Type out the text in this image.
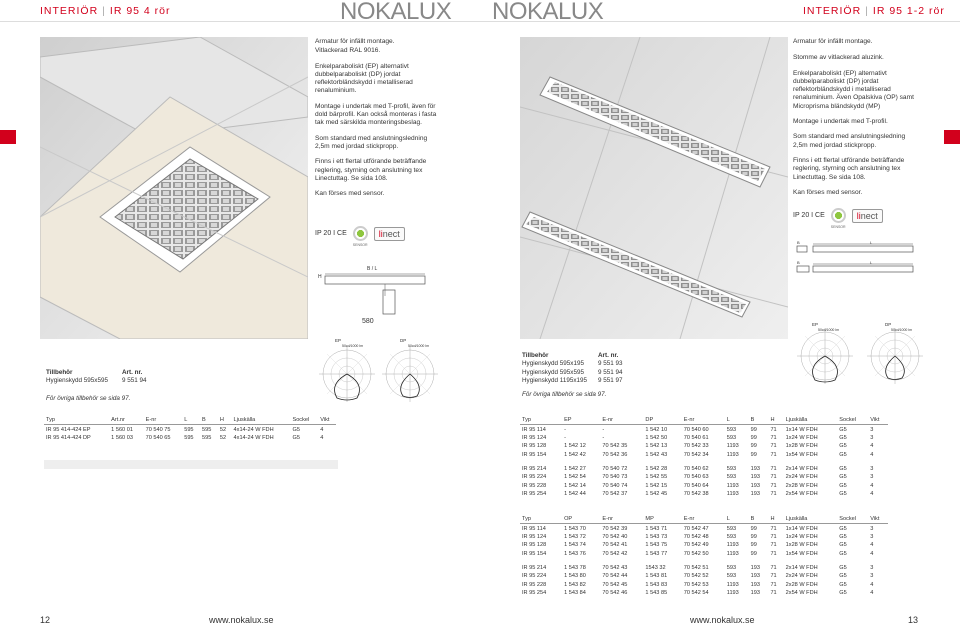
INTERIÖR | IR 95 4 rör	NOKALUX NOKALUX	INTERIÖR | IR 95 1-2 rör

Armatur för infällt montage.

Vitlackerad RAL 9016.

Enkelparaboliskt (EP) alternativt dubbelparaboliskt (DP) jordat reflektorbländskydd i metalliserad renaluminium.

Montage i undertak med T-profil, även för dold bärprofil. Kan också monteras i fasta tak med särskilda monteringsbeslag.

Som standard med anslutningsledning 2,5m med jordad stickpropp.

Finns i ett flertal utförande beträffande reglering, styrning och anslutning tex Linectuttag. Se sida 108.

Kan förses med sensor.

IP 20 I CE
SENSOR
linect
B / L
H
580
EP
50cd/1000 lm
DP
50cd/1000 lm
Tillbehör	Art. nr.
Hygienskydd 595x595	9 551 94
För övriga tillbehör se sida 97.
Typ	Art.nr	E-nr	L	B	H	Ljuskälla	Sockel	Vikt
IR 95 414-424 EP	1 560 01	70 540 75	595	595	52	4x14-24 W FDH	G5	4
IR 95 414-424 DP	1 560 03	70 540 65	595	595	52	4x14-24 W FDH	G5	4

Armatur för infällt montage.

Stomme av vitlackerad aluzink.

Enkelparaboliskt (EP) alternativt dubbelparaboliskt (DP) jordat reflektorbländskydd i metalliserad renaluminium. Även Opalskiva (OP) samt Microprisma bländskydd (MP)

Montage i undertak med T-profil.

Som standard med anslutningsledning 2,5m med jordad stickpropp.

Finns i ett flertal utförande beträffande reglering, styrning och anslutning tex Linectuttag. Se sida 108.

Kan förses med sensor.

IP 20 I CE
SENSOR
linect
B	L
B	L
EP
50cd/1000 lm
DP
50cd/1000 lm
Tillbehör	Art. nr.
Hygienskydd 595x195	9 551 93
Hygienskydd 595x595	9 551 94
Hygienskydd 1195x195	9 551 97
För övriga tillbehör se sida 97.
Typ	EP	E-nr	DP	E-nr	L	B	H	Ljuskälla	Sockel	Vikt
IR 95 114	-	-	1 542 10	70 540 60	593	99	71	1x14 W FDH	G5	3
IR 95 124	-	-	1 542 50	70 540 61	593	99	71	1x24 W FDH	G5	3
IR 95 128	1 542 12	70 542 35	1 542 13	70 542 33	1193	99	71	1x28 W FDH	G5	4
IR 95 154	1 542 42	70 542 36	1 542 43	70 542 34	1193	99	71	1x54 W FDH	G5	4

IR 95 214	1 542 27	70 540 72	1 542 28	70 540 62	593	193	71	2x14 W FDH	G5	3
IR 95 224	1 542 54	70 540 73	1 542 55	70 540 63	593	193	71	2x24 W FDH	G5	3
IR 95 228	1 542 14	70 540 74	1 542 15	70 540 64	1193	193	71	2x28 W FDH	G5	4
IR 95 254	1 542 44	70 542 37	1 542 45	70 542 38	1193	193	71	2x54 W FDH	G5	4
Typ	OP	E-nr	MP	E-nr	L	B	H	Ljuskälla	Sockel	Vikt
IR 95 114	1 543 70	70 542 39	1 543 71	70 542 47	593	99	71	1x14 W FDH	G5	3
IR 95 124	1 543 72	70 542 40	1 543 73	70 542 48	593	99	71	1x24 W FDH	G5	3
IR 95 128	1 543 74	70 542 41	1 543 75	70 542 49	1193	99	71	1x28 W FDH	G5	4
IR 95 154	1 543 76	70 542 42	1 543 77	70 542 50	1193	99	71	1x54 W FDH	G5	4

IR 95 214	1 543 78	70 542 43	1543 32	70 542 51	593	193	71	2x14 W FDH	G5	3
IR 95 224	1 543 80	70 542 44	1 543 81	70 542 52	593	193	71	2x24 W FDH	G5	3
IR 95 228	1 543 82	70 542 45	1 543 83	70 542 53	1193	193	71	2x28 W FDH	G5	4
IR 95 254	1 543 84	70 542 46	1 543 85	70 542 54	1193	193	71	2x54 W FDH	G5	4
12	www.nokalux.se	www.nokalux.se	13
